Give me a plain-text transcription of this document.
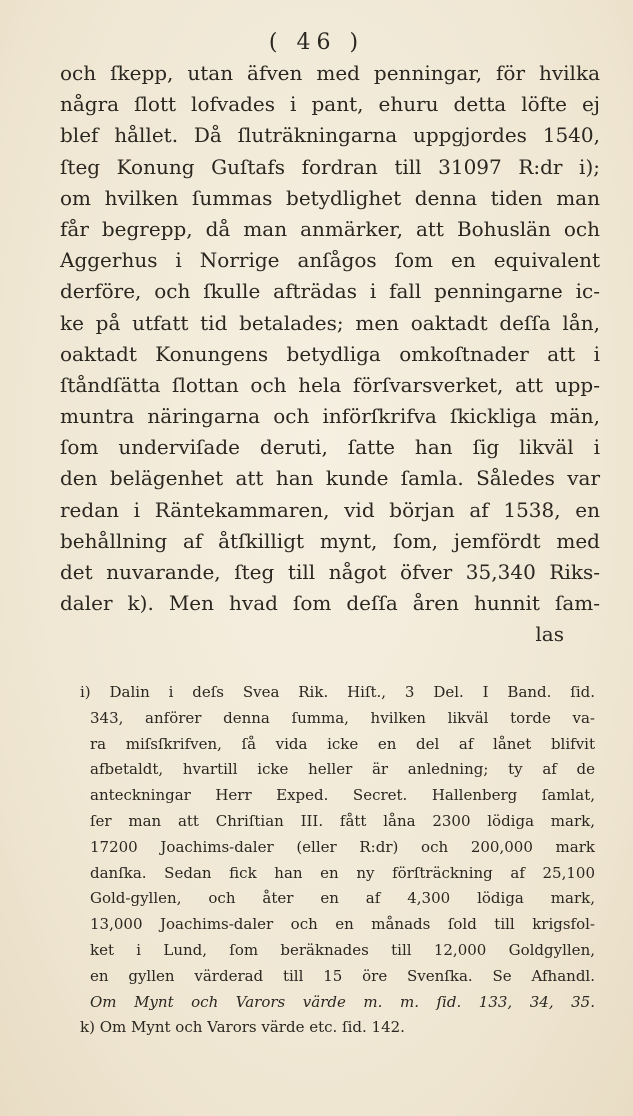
( 46 )
och ſkepp, utan äfven med penningar, för hvilka
några ſlott lofvades i pant, ehuru detta löfte ej
blef hållet. Då ſluträkningarna uppgjordes 1540,
ſteg Konung Guſtafs fordran till 31097 R:dr i);
om hvilken ſummas betydlighet denna tiden man
får begrepp, då man anmärker, att Bohuslän och
Aggerhus i Norrige anſågos ſom en equivalent
derföre, och ſkulle afträdas i fall penningarne ic-
ke på utfatt tid betalades; men oaktadt deſſa lån,
oaktadt Konungens betydliga omkoſtnader att i
ſtåndſätta ſlottan och hela förſvarsverket, att upp-
muntra näringarna och införſkrifva ſkickliga män,
ſom underviſade deruti, ſatte han ſig likväl i
den belägenhet att han kunde ſamla. Således var
redan i Räntekammaren, vid början af 1538, en
behållning af åtſkilligt mynt, ſom, jemfördt med
det nuvarande, ſteg till något öfver 35,340 Riks-
daler k). Men hvad ſom deſſa åren hunnit ſam-
las
i) Dalin i deſs Svea Rik. Hiſt., 3 Del. I Band. ſid.
343, anförer denna ſumma, hvilken likväl torde va-
ra miſsſkrifven, ſå vida icke en del af lånet blifvit
afbetaldt, hvartill icke heller är anledning; ty af de
anteckningar Herr Exped. Secret. Hallenberg ſamlat,
ſer man att Chriſtian III. fått låna 2300 lödiga mark,
17200 Joachims-daler (eller R:dr) och 200,000 mark
danſka. Sedan fick han en ny förſträckning af 25,100
Gold-gyllen, och åter en af 4,300 lödiga mark,
13,000 Joachims-daler och en månads ſold till krigsfol-
ket i Lund, ſom beräknades till 12,000 Goldgyllen,
en gyllen värderad till 15 öre Svenſka. Se Afhandl.
Om Mynt och Varors värde m. m. ſid. 133, 34, 35.
k) Om Mynt och Varors värde etc. ſid. 142.
